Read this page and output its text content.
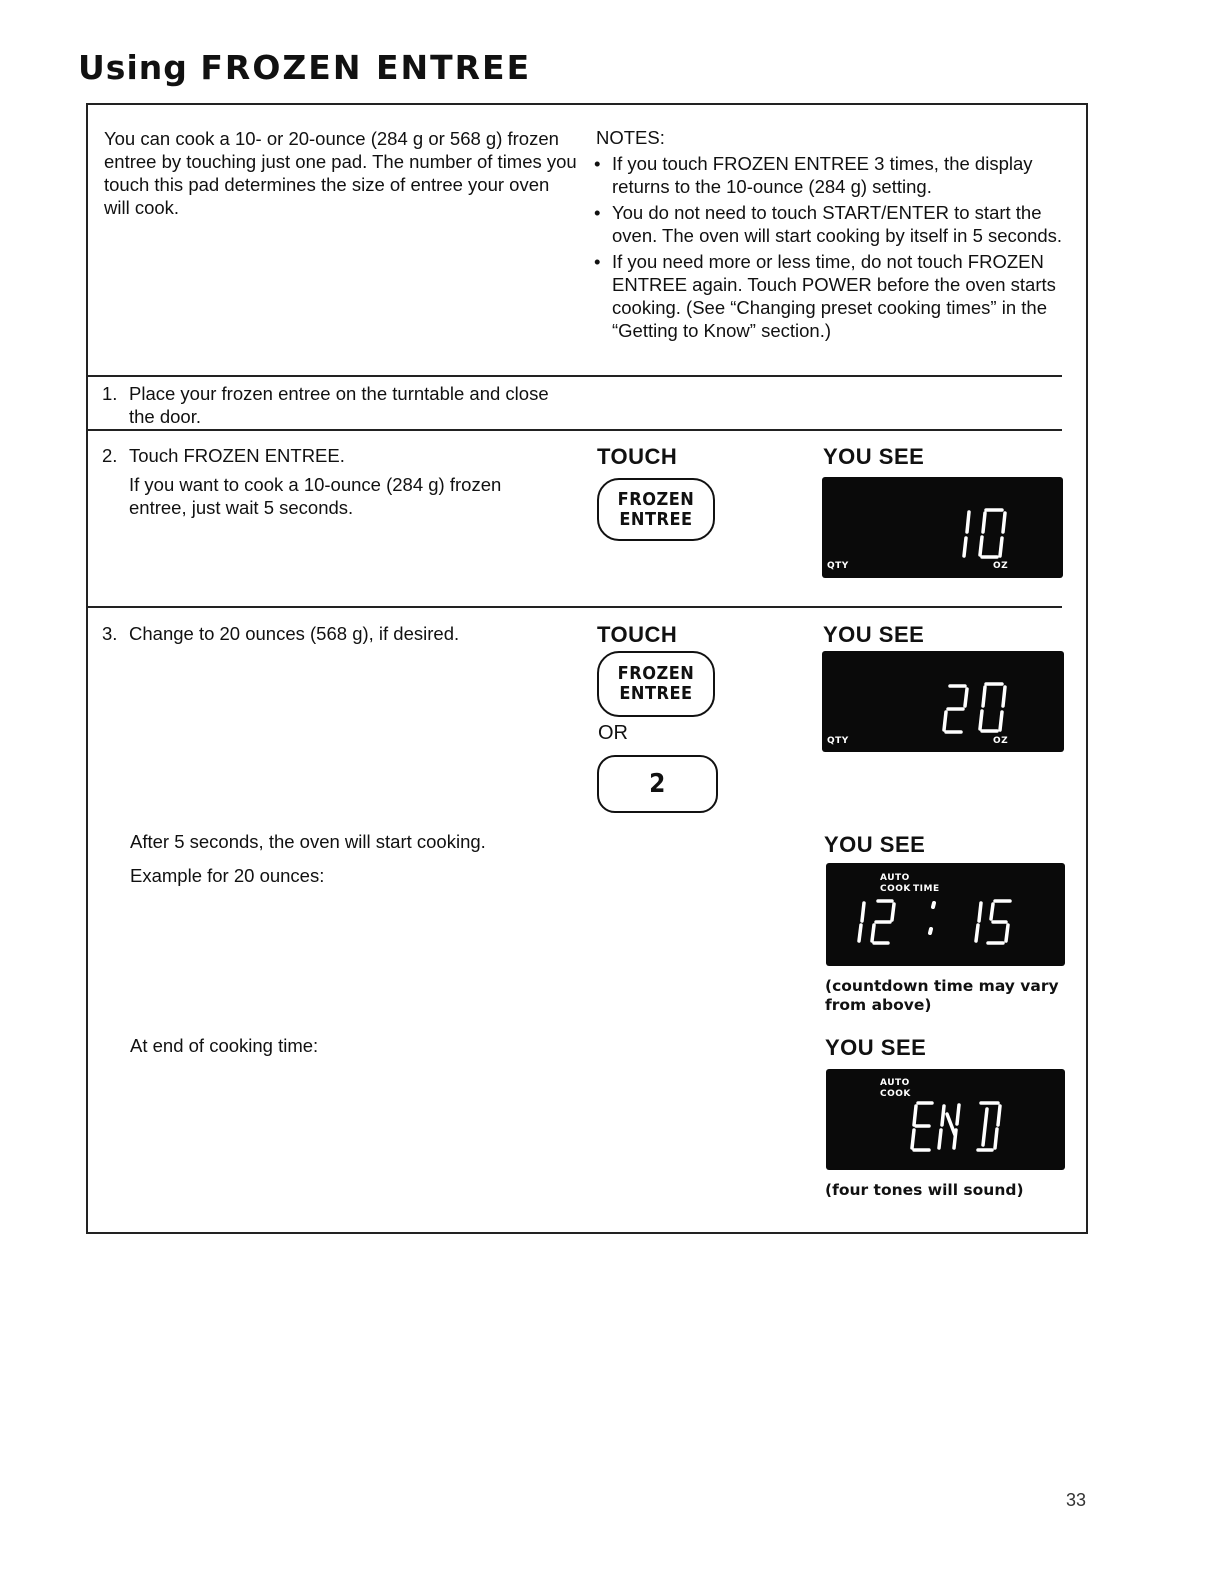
Using FROZEN ENTREE
You can cook a 10- or 20-ounce (284 g or 568 g) frozen entree by touching just one pad. The number of times you touch this pad determines the size of entree your oven will cook.
NOTES:
• If you touch FROZEN ENTREE 3 times, the display returns to the 10-ounce (284 g) setting.
• You do not need to touch START/ENTER to start the oven. The oven will start cooking by itself in 5 seconds.
• If you need more or less time, do not touch FROZEN ENTREE again. Touch POWER before the oven starts cooking. (See “Changing preset cooking times” in the “Getting to Know” section.)
1. Place your frozen entree on the turntable and close the door.
2. Touch FROZEN ENTREE.
If you want to cook a 10-ounce (284 g) frozen entree, just wait 5 seconds.
TOUCH	YOU SEE
FROZEN
ENTREE
QTY	OZ
3. Change to 20 ounces (568 g), if desired.	TOUCH	YOU SEE
FROZEN
ENTREE
OR
2
QTY	OZ
After 5 seconds, the oven will start cooking.
Example for 20 ounces:
YOU SEE
AUTO
COOK TIME
(countdown time may vary from above)
At end of cooking time:	YOU SEE
AUTO
COOK
(four tones will sound)
33
